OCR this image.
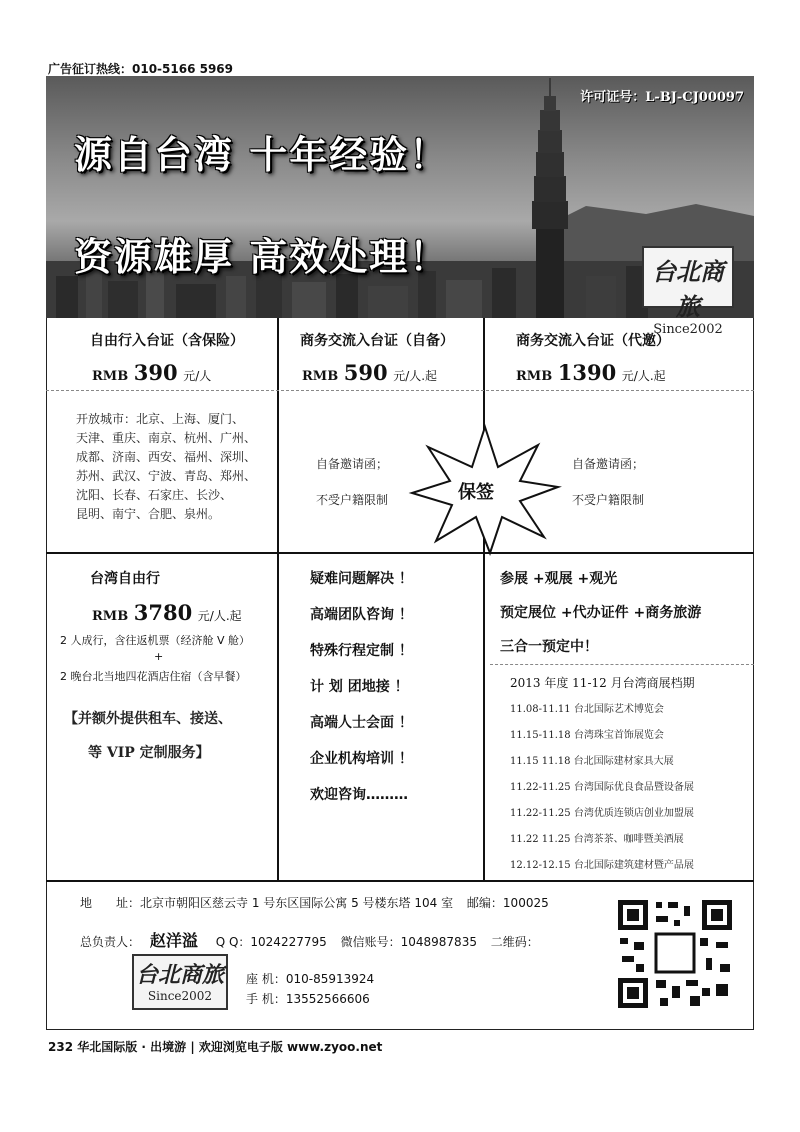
广告征订热线：010-5166 5969
源自台湾 十年经验！
资源雄厚 高效处理！
许可证号：L-BJ-CJ00097
台北商旅
Since2002
自由行入台证（含保险）
RMB 390 元/人
开放城市：北京、上海、厦门、
天津、重庆、南京、杭州、广州、
成都、济南、西安、福州、深圳、
苏州、武汉、宁波、青岛、郑州、
沈阳、长春、石家庄、长沙、
昆明、南宁、合肥、泉州。
商务交流入台证（自备）
RMB 590 元/人.起
自备邀请函；
不受户籍限制
商务交流入台证（代邀）
RMB 1390 元/人.起
自备邀请函；
不受户籍限制
保签
台湾自由行
RMB 3780 元/人.起
2 人成行，含往返机票（经济舱 V 舱）
+
2 晚台北当地四花酒店住宿（含早餐）
【并额外提供租车、接送、
等 VIP 定制服务】
疑难问题解决 ！
高端团队咨询 ！
特殊行程定制 ！
计 划 团地接 ！
高端人士会面 ！
企业机构培训 ！
欢迎咨询………
参展 +观展 +观光
预定展位 +代办证件 +商务旅游
三合一预定中！
2013 年度 11-12 月台湾商展档期
11.08-11.11 台北国际艺术博览会
11.15-11.18 台湾珠宝首饰展览会
11.15 11.18 台北国际建材家具大展
11.22-11.25 台湾国际优良食品暨设备展
11.22-11.25 台湾优质连锁店创业加盟展
11.22 11.25 台湾茶茶、咖啡暨美酒展
12.12-12.15 台北国际建筑建材暨产品展
地　　址：北京市朝阳区慈云寺 1 号东区国际公寓 5 号楼东塔 104 室 邮编：100025
总负责人： 赵洋溢 Q Q：1024227795 微信账号：1048987835 二维码：
台北商旅
Since2002
座 机：010-85913924
手 机：13552566606
232 华北国际版 · 出境游 | 欢迎浏览电子版 www.zyoo.net
